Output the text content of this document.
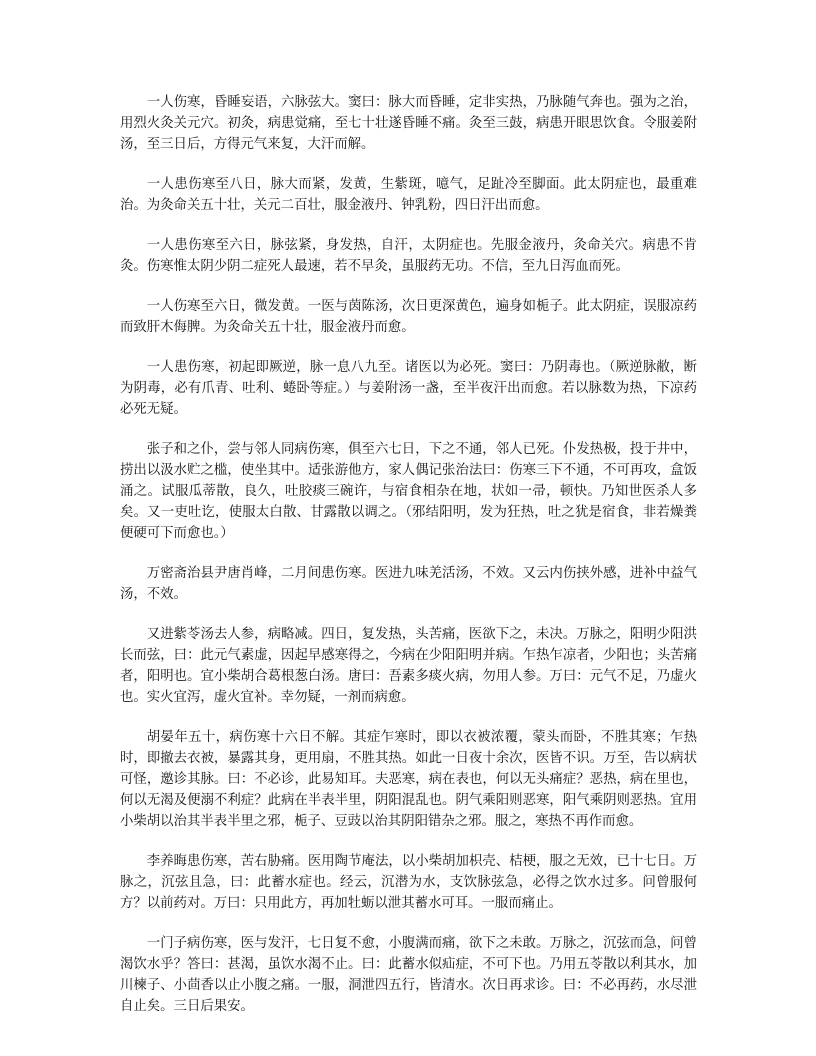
一人伤寒，昏睡妄语，六脉弦大。窦曰：脉大而昏睡，定非实热，乃脉随气奔也。强为之治，用烈火灸关元穴。初灸，病患觉痛，至七十壮遂昏睡不痛。灸至三鼓，病患开眼思饮食。令服姜附汤，至三日后，方得元气来复，大汗而解。

一人患伤寒至八日，脉大而紧，发黄，生紫斑，噫气，足趾冷至脚面。此太阴症也，最重难治。为灸命关五十壮，关元二百壮，服金液丹、钟乳粉，四日汗出而愈。

一人患伤寒至六日，脉弦紧，身发热，自汗，太阴症也。先服金液丹，灸命关穴。病患不肯灸。伤寒惟太阴少阴二症死人最速，若不早灸，虽服药无功。不信，至九日泻血而死。

一人伤寒至六日，微发黄。一医与茵陈汤，次日更深黄色，遍身如栀子。此太阴症，误服凉药而致肝木侮脾。为灸命关五十壮，服金液丹而愈。

一人患伤寒，初起即厥逆，脉一息八九至。诸医以为必死。窦曰：乃阴毒也。（厥逆脉敝，断为阴毒，必有爪青、吐利、蜷卧等症。）与姜附汤一盏，至半夜汗出而愈。若以脉数为热，下凉药必死无疑。

张子和之仆，尝与邻人同病伤寒，俱至六七日，下之不通，邻人已死。仆发热极，投于井中，捞出以汲水贮之槛，使坐其中。适张游他方，家人偶记张治法曰：伤寒三下不通，不可再攻，盒饭涌之。试服瓜蒂散，良久，吐胶痰三碗许，与宿食相杂在地，状如一帚，顿快。乃知世医杀人多矣。又一吏吐讫，使服太白散、甘露散以调之。（邪结阳明，发为狂热，吐之犹是宿食，非若燥粪便硬可下而愈也。）

万密斋治县尹唐肖峰，二月间患伤寒。医进九味羌活汤，不效。又云内伤挟外感，进补中益气汤，不效。

又进紫苓汤去人参，病略减。四日，复发热，头苦痛，医欲下之，未决。万脉之，阳明少阳洪长而弦，曰：此元气素虚，因起早感寒得之，今病在少阳阳明并病。乍热乍凉者，少阳也；头苦痛者，阳明也。宜小柴胡合葛根葱白汤。唐曰：吾素多痰火病，勿用人参。万曰：元气不足，乃虚火也。实火宜泻，虚火宜补。幸勿疑，一剂而病愈。

胡晏年五十，病伤寒十六日不解。其症乍寒时，即以衣被浓覆，蒙头而卧，不胜其寒；乍热时，即撤去衣被，暴露其身，更用扇，不胜其热。如此一日夜十余次，医皆不识。万至，告以病状可怪，邀诊其脉。曰：不必诊，此易知耳。夫恶寒，病在表也，何以无头痛症？恶热，病在里也，何以无渴及便溺不利症？此病在半表半里，阴阳混乱也。阴气乘阳则恶寒，阳气乘阴则恶热。宜用小柴胡以治其半表半里之邪，栀子、豆豉以治其阴阳错杂之邪。服之，寒热不再作而愈。

李养晦患伤寒，苦右胁痛。医用陶节庵法，以小柴胡加枳壳、桔梗，服之无效，已十七日。万脉之，沉弦且急，曰：此蓄水症也。经云，沉潜为水，支饮脉弦急，必得之饮水过多。问曾服何方？以前药对。万曰：只用此方，再加牡蛎以泄其蓄水可耳。一服而痛止。

一门子病伤寒，医与发汗，七日复不愈，小腹满而痛，欲下之未敢。万脉之，沉弦而急，问曾渴饮水乎？答曰：甚渴，虽饮水渴不止。曰：此蓄水似疝症，不可下也。乃用五苓散以利其水，加川楝子、小茴香以止小腹之痛。一服，洞泄四五行，皆清水。次日再求诊。曰：不必再药，水尽泄自止矣。三日后果安。
